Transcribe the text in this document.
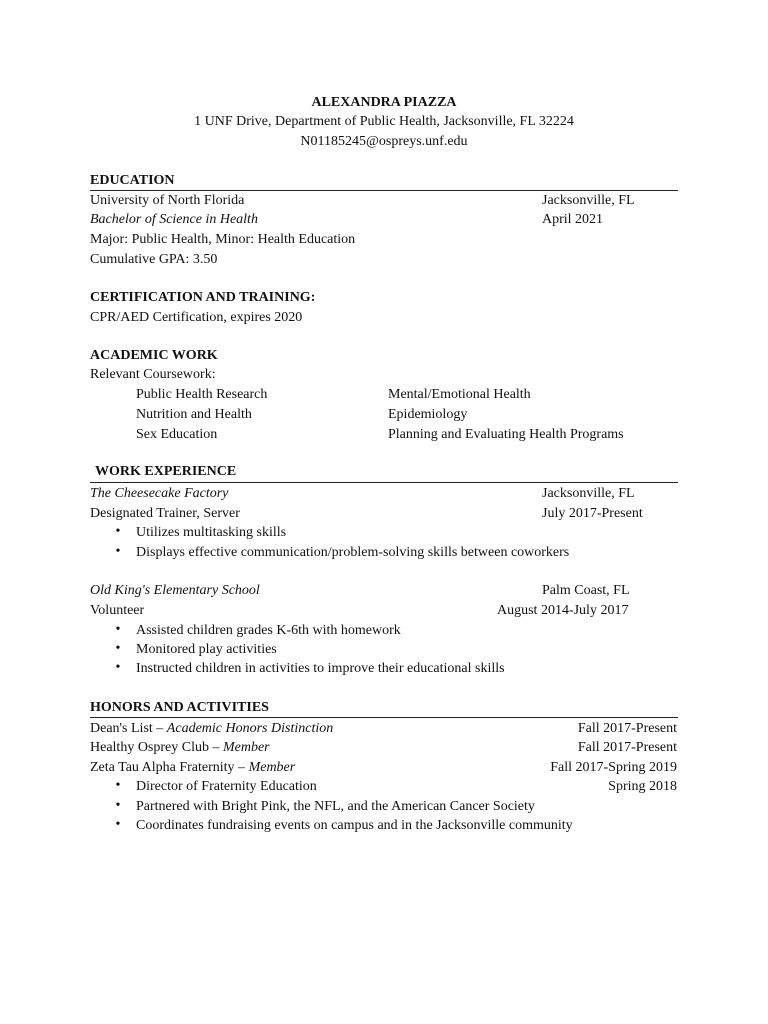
ALEXANDRA PIAZZA
1 UNF Drive, Department of Public Health, Jacksonville, FL 32224
N01185245@ospreys.unf.edu
EDUCATION
University of North Florida	Jacksonville, FL
Bachelor of Science in Health	April 2021
Major: Public Health, Minor: Health Education
Cumulative GPA: 3.50
CERTIFICATION AND TRAINING:
CPR/AED Certification, expires 2020
ACADEMIC WORK
Relevant Coursework:
Public Health Research	Mental/Emotional Health
Nutrition and Health	Epidemiology
Sex Education	Planning and Evaluating Health Programs
WORK EXPERIENCE
The Cheesecake Factory	Jacksonville, FL
Designated Trainer, Server	July 2017-Present
• Utilizes multitasking skills
• Displays effective communication/problem-solving skills between coworkers
Old King's Elementary School	Palm Coast, FL
Volunteer	August 2014-July 2017
• Assisted children grades K-6th with homework
• Monitored play activities
• Instructed children in activities to improve their educational skills
HONORS AND ACTIVITIES
Dean's List – Academic Honors Distinction	Fall 2017-Present
Healthy Osprey Club – Member	Fall 2017-Present
Zeta Tau Alpha Fraternity – Member	Fall 2017-Spring 2019
• Director of Fraternity Education	Spring 2018
• Partnered with Bright Pink, the NFL, and the American Cancer Society
• Coordinates fundraising events on campus and in the Jacksonville community
